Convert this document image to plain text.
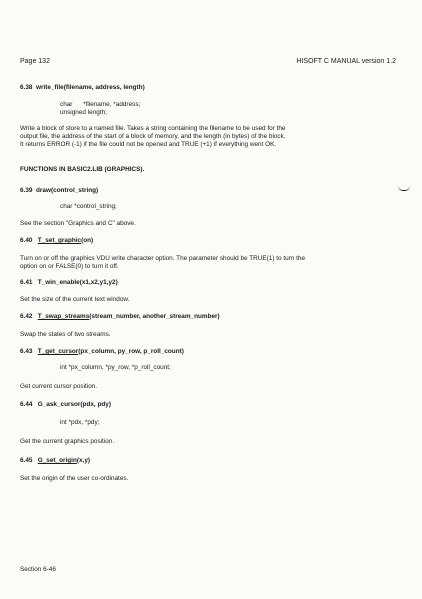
Page 132	HISOFT C MANUAL version 1.2
6.38 write_file(filename, address, length)
char *filename, *address;
unsigned length;
Write a block of store to a named file. Takes a string containing the filename to be used for the
output file, the address of the start of a block of memory, and the length (in bytes) of the block.
It returns ERROR (-1) if the file could not be opened and TRUE (+1) if everything went OK.
FUNCTIONS IN BASIC2.LIB (GRAPHICS).
6.39 draw(control_string)
char *control_string;
See the section "Graphics and C" above.
6.40 T_set_graphic(on)
Turn on or off the graphics VDU write character option. The parameter should be TRUE(1) to turn the
option on or FALSE(0) to turn it off.
6.41 T_win_enable(x1,x2,y1,y2)
Set the size of the current text window.
6.42 T_swap_streams(stream_number, another_stream_number)
Swap the states of two streams.
6.43 T_get_cursor(px_column, py_row, p_roll_count)
int *px_column, *py_row, *p_roll_count;
Get current cursor position.
6.44 G_ask_cursor(pdx, pdy)
int *pdx, *pdy;
Get the current graphics position.
6.45 G_set_origin(x,y)
Set the origin of the user co-ordinates.
Section 6-46
